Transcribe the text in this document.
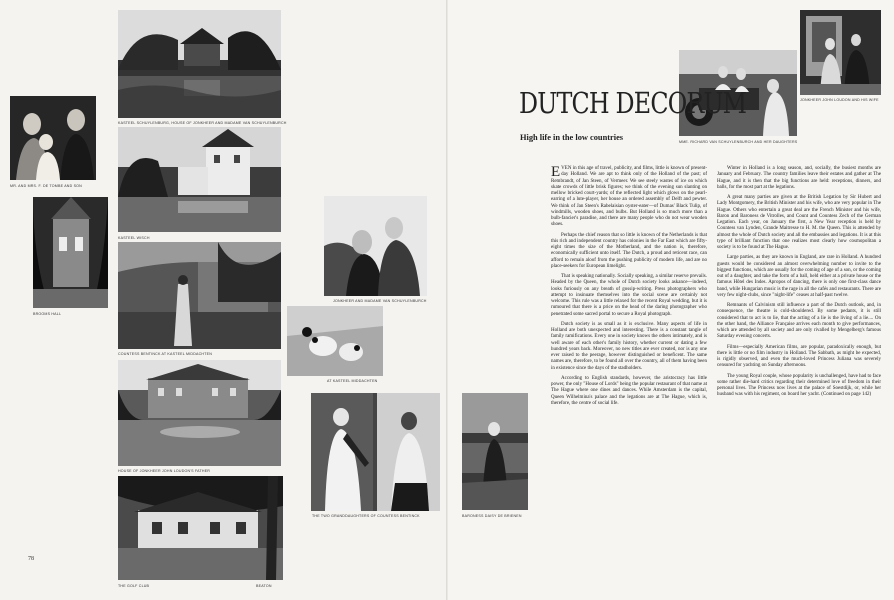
MR. AND MRS. F. DE TOMBE AND SON
KASTEEL SCHUYLENBURG, HOUSE OF JONKHEER AND MADAME VAN SCHUYLENBURCH
KASTEEL WISCH
BROOMS HALL
COUNTESS BENTINCK AT KASTEEL MIDDACHTEN
JONKHEER AND MADAME VAN SCHUYLENBURCH
AT KASTEEL MIDDACHTEN
HOUSE OF JONKHEER JOHN LOUDON'S FATHER
THE TWO GRANDDAUGHTERS OF COUNTESS BENTINCK	BARONESS DAISY DE BRIENEN
THE GOLF CLUB	BEATON
78
MME. RICHARD VAN SCHUYLENBURCH AND HER DAUGHTERS
JONKHEER JOHN LOUDON AND HIS WIFE
DUTCH DECORUM
High life in the low countries

EVEN in this age of travel, publicity, and films, little is known of present-day Holland. We are apt to think only of the Holland of the past; of Rembrandt, of Jan Steen, of Vermeer. We see steely wastes of ice on which skate crowds of little brisk figures; we think of the evening sun slanting on mellow bricked court-yards; of the reflected light which glows on the pearl-earring of a lute-player, her house an ordered assembly of Delft and pewter. We think of Jan Steen's Rabelaisian oyster-eater—of Dumas' Black Tulip, of windmills, wooden shoes, and bulbs. But Holland is so much more than a bulb-fancier's paradise, and there are many people who do not wear wooden shoes.

Perhaps the chief reason that so little is known of the Netherlands is that this rich and independent country has colonies in the Far East which are fifty-eight times the size of the Motherland, and the nation is, therefore, economically sufficient unto itself. The Dutch, a proud and reticent race, can afford to remain aloof from the pushing publicity of modern life, and are no place-seekers for European limelight.

That is speaking nationally. Socially speaking, a similar reserve prevails. Headed by the Queen, the whole of Dutch society looks askance—indeed, looks furiously on any breath of gossip-writing. Press photographers who attempt to insinuate themselves into the social scene are certainly not welcome. This rule was a little relaxed for the recent Royal wedding, but it is rumoured that there is a price on the head of the daring photographer who penetrated some sacred portal to secure a Royal photograph.

Dutch society is as small as it is exclusive. Many aspects of life in Holland are both unexpected and interesting. There is a constant tangle of family ramifications. Every one in society knows the others intimately, and is well aware of each other's family history, whether current or dating a few hundred years back. Moreover, no new titles are ever created, nor is any one ever raised to the peerage, however distinguished or beneficent. The same names are, therefore, to be found all over the country, all of them having been in existence since the days of the stadholders.

According to English standards, however, the aristocracy has little power, the only "House of Lords" being the popular restaurant of that name at The Hague where one dines and dances. While Amsterdam is the capital, Queen Wilhelmina's palace and the legations are at The Hague, which is, therefore, the centre of social life.

Winter in Holland is a long season, and, socially, the busiest months are January and February. The country families leave their estates and gather at The Hague, and it is then that the big functions are held: receptions, dinners, and balls, for the most part at the legations.

A great many parties are given at the British Legation by Sir Hubert and Lady Montgomery, the British Minister and his wife, who are very popular in The Hague. Others who entertain a great deal are the French Minister and his wife, Baron and Baroness de Vitrolles, and Count and Countess Zech of the German Legation. Each year, on January the first, a New Year reception is held by Countess van Lynden, Grande Maitresse to H. M. the Queen. This is attended by almost the whole of Dutch society and all the embassies and legations. It is at this type of brilliant function that one realizes most clearly how cosmopolitan a society is to be found at The Hague.

Large parties, as they are known in England, are rare in Holland. A hundred guests would be considered an almost overwhelming number to invite to the biggest functions, which are usually for the coming of age of a son, or the coming out of a daughter, and take the form of a ball, held either at a private house or the famous Hôtel des Indes. Apropos of dancing, there is only one first-class dance band, while Hungarian music is the rage in all the cafés and restaurants. There are very few night-clubs, since "night-life" ceases at half-past twelve.

Remnants of Calvinism still influence a part of the Dutch outlook, and, in consequence, the theatre is cold-shouldered. By some pedants, it is still considered that to act is to lie, that the acting of a lie is the living of a lie.... On the other hand, the Alliance Française arrives each month to give performances, which are attended by all society and are only rivalled by Mengelberg's famous Saturday evening concerts.

Films—especially American films, are popular, paradoxically enough, but there is little or no film industry in Holland. The Sabbath, as might be expected, is rigidly observed, and even the much-loved Princess Juliana was severely censured for yachting on Sunday afternoons.

The young Royal couple, whose popularity is unchallenged, have had to face some rather die-hard critics regarding their determined love of freedom in their personal lives. The Princess now lives at the palace of Soestdijk, or, while her husband was with his regiment, on board her yacht. (Continued on page 142)
